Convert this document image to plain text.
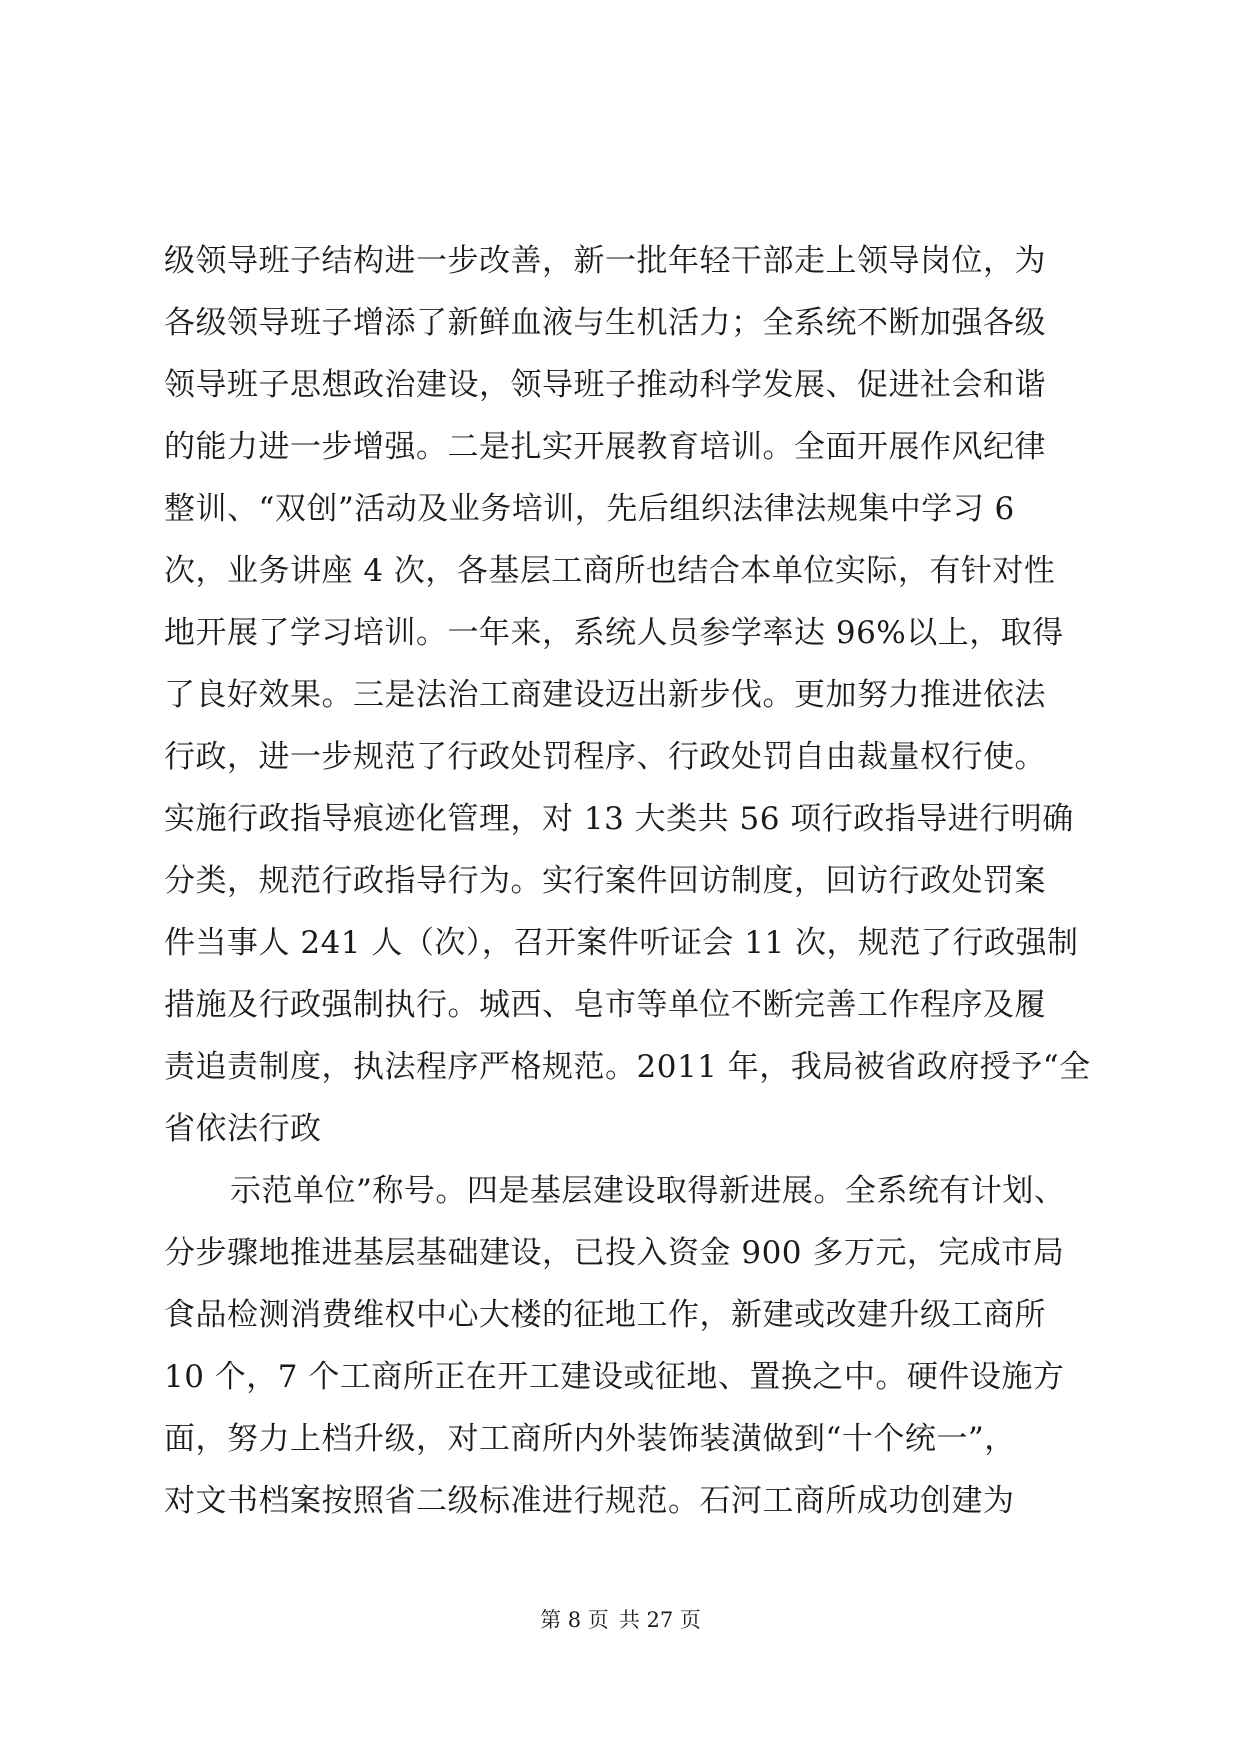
级领导班子结构进一步改善，新一批年轻干部走上领导岗位，为
各级领导班子增添了新鲜血液与生机活力；全系统不断加强各级
领导班子思想政治建设，领导班子推动科学发展、促进社会和谐
的能力进一步增强。二是扎实开展教育培训。全面开展作风纪律
整训、“双创”活动及业务培训，先后组织法律法规集中学习 6
次，业务讲座 4 次，各基层工商所也结合本单位实际，有针对性
地开展了学习培训。一年来，系统人员参学率达 96%以上，取得
了良好效果。三是法治工商建设迈出新步伐。更加努力推进依法
行政，进一步规范了行政处罚程序、行政处罚自由裁量权行使。
实施行政指导痕迹化管理，对 13 大类共 56 项行政指导进行明确
分类，规范行政指导行为。实行案件回访制度，回访行政处罚案
件当事人 241 人（次），召开案件听证会 11 次，规范了行政强制
措施及行政强制执行。城西、皂市等单位不断完善工作程序及履
责追责制度，执法程序严格规范。2011 年，我局被省政府授予“全
省依法行政
示范单位”称号。四是基层建设取得新进展。全系统有计划、
分步骤地推进基层基础建设，已投入资金 900 多万元，完成市局
食品检测消费维权中心大楼的征地工作，新建或改建升级工商所
10 个，7 个工商所正在开工建设或征地、置换之中。硬件设施方
面，努力上档升级，对工商所内外装饰装潢做到“十个统一”，
对文书档案按照省二级标准进行规范。石河工商所成功创建为
第 8 页 共 27 页
